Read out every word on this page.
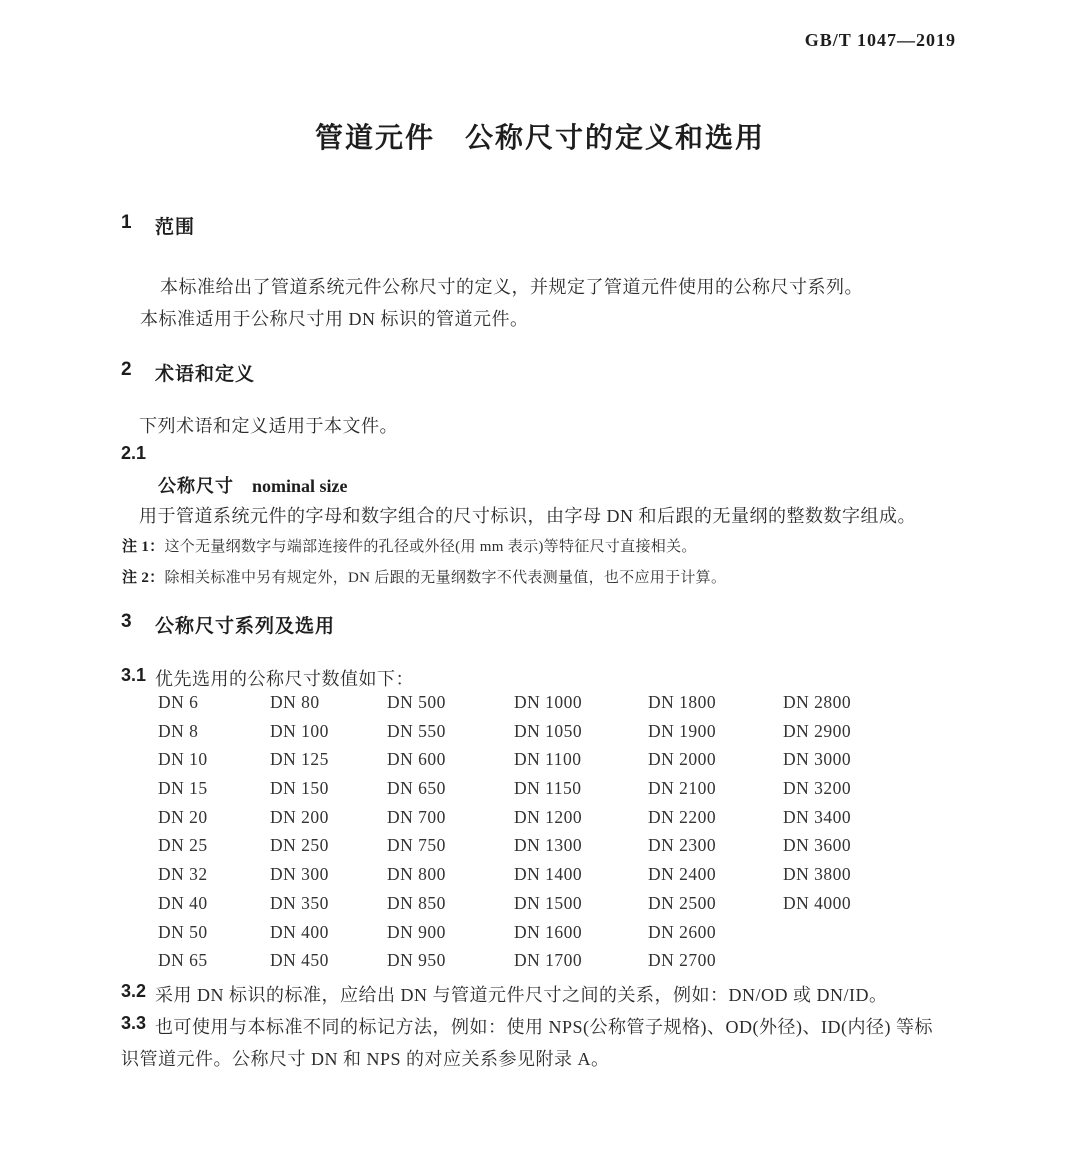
GB/T 1047—2019
管道元件　公称尺寸的定义和选用
1	范围
本标准给出了管道系统元件公称尺寸的定义，并规定了管道元件使用的公称尺寸系列。
本标准适用于公称尺寸用 DN 标识的管道元件。
2	术语和定义
下列术语和定义适用于本文件。
2.1
公称尺寸 nominal size
用于管道系统元件的字母和数字组合的尺寸标识，由字母 DN 和后跟的无量纲的整数数字组成。
注 1：这个无量纲数字与端部连接件的孔径或外径(用 mm 表示)等特征尺寸直接相关。
注 2：除相关标准中另有规定外，DN 后跟的无量纲数字不代表测量值，也不应用于计算。
3	公称尺寸系列及选用
3.1 优先选用的公称尺寸数值如下：
DN 6	DN 80	DN 500	DN 1000	DN 1800	DN 2800
DN 8	DN 100	DN 550	DN 1050	DN 1900	DN 2900
DN 10	DN 125	DN 600	DN 1100	DN 2000	DN 3000
DN 15	DN 150	DN 650	DN 1150	DN 2100	DN 3200
DN 20	DN 200	DN 700	DN 1200	DN 2200	DN 3400
DN 25	DN 250	DN 750	DN 1300	DN 2300	DN 3600
DN 32	DN 300	DN 800	DN 1400	DN 2400	DN 3800
DN 40	DN 350	DN 850	DN 1500	DN 2500	DN 4000
DN 50	DN 400	DN 900	DN 1600	DN 2600
DN 65	DN 450	DN 950	DN 1700	DN 2700
3.2 采用 DN 标识的标准，应给出 DN 与管道元件尺寸之间的关系，例如：DN/OD 或 DN/ID。
3.3 也可使用与本标准不同的标记方法，例如：使用 NPS(公称管子规格)、OD(外径)、ID(内径) 等标
识管道元件。公称尺寸 DN 和 NPS 的对应关系参见附录 A。
